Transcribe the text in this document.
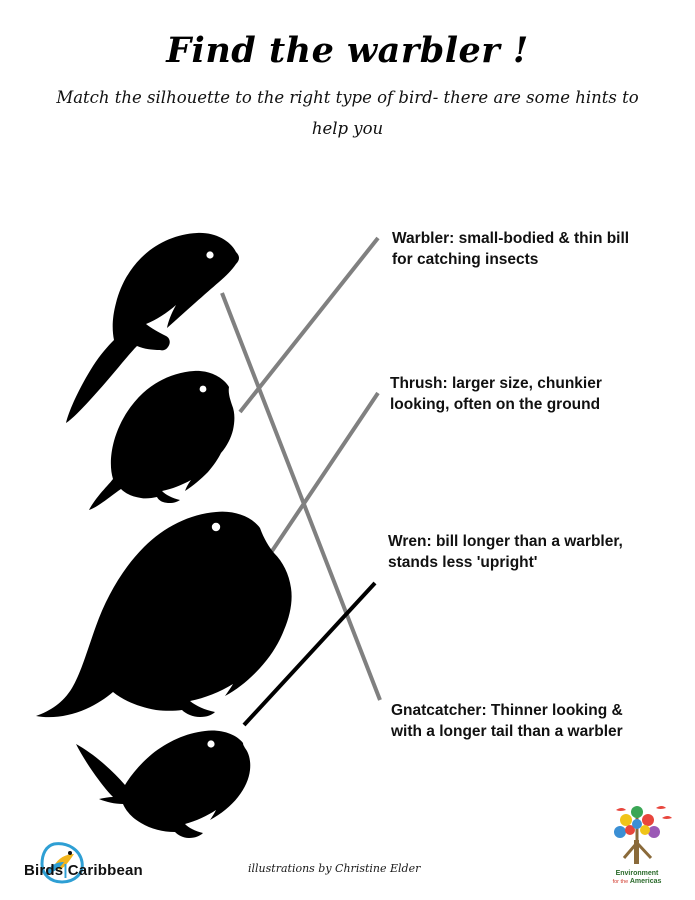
Find the warbler !
Match the silhouette to the right type of bird- there are some hints to help you
Warbler: small-bodied & thin bill for catching insects
Thrush: larger size, chunkier looking, often on the ground
Wren: bill longer than a warbler, stands less 'upright'
Gnatcatcher: Thinner looking & with a longer tail than a warbler
illustrations by Christine Elder
Birds|Caribbean	Environment
for the Americas
